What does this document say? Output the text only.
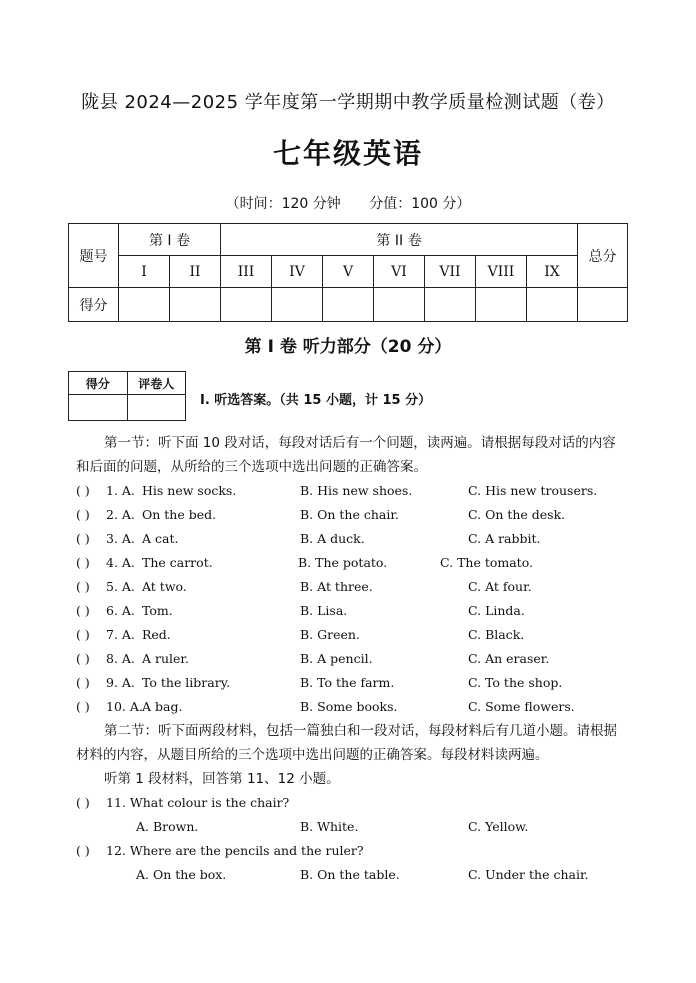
陇县 2024—2025 学年度第一学期期中教学质量检测试题（卷）
七年级英语
（时间：120 分钟 分值：100 分）
题号	第 I 卷		第 II 卷							总分
	I	II	III	IV	V	VI	VII	VIII	IX	
得分										
第 I 卷 听力部分（20 分）
得分	评卷人

I. 听选答案。（共 15 小题，计 15 分）
第一节：听下面 10 段对话，每段对话后有一个问题，读两遍。请根据每段对话的内容和后面的问题，从所给的三个选项中选出问题的正确答案。
( ) 1. A. His new socks.	B. His new shoes.	C. His new trousers.
( ) 2. A. On the bed.	B. On the chair.	C. On the desk.
( ) 3. A. A cat.	B. A duck.	C. A rabbit.
( ) 4. A. The carrot.	B. The potato.	C. The tomato.
( ) 5. A. At two.	B. At three.	C. At four.
( ) 6. A. Tom.	B. Lisa.	C. Linda.
( ) 7. A. Red.	B. Green.	C. Black.
( ) 8. A. A ruler.	B. A pencil.	C. An eraser.
( ) 9. A. To the library.	B. To the farm.	C. To the shop.
( ) 10. A. A bag.	B. Some books.	C. Some flowers.
第二节：听下面两段材料，包括一篇独白和一段对话，每段材料后有几道小题。请根据材料的内容，从题目所给的三个选项中选出问题的正确答案。每段材料读两遍。
听第 1 段材料，回答第 11、12 小题。
( ) 11. What colour is the chair?
A. Brown.	B. White.	C. Yellow.
( ) 12. Where are the pencils and the ruler?
A. On the box.	B. On the table.	C. Under the chair.
